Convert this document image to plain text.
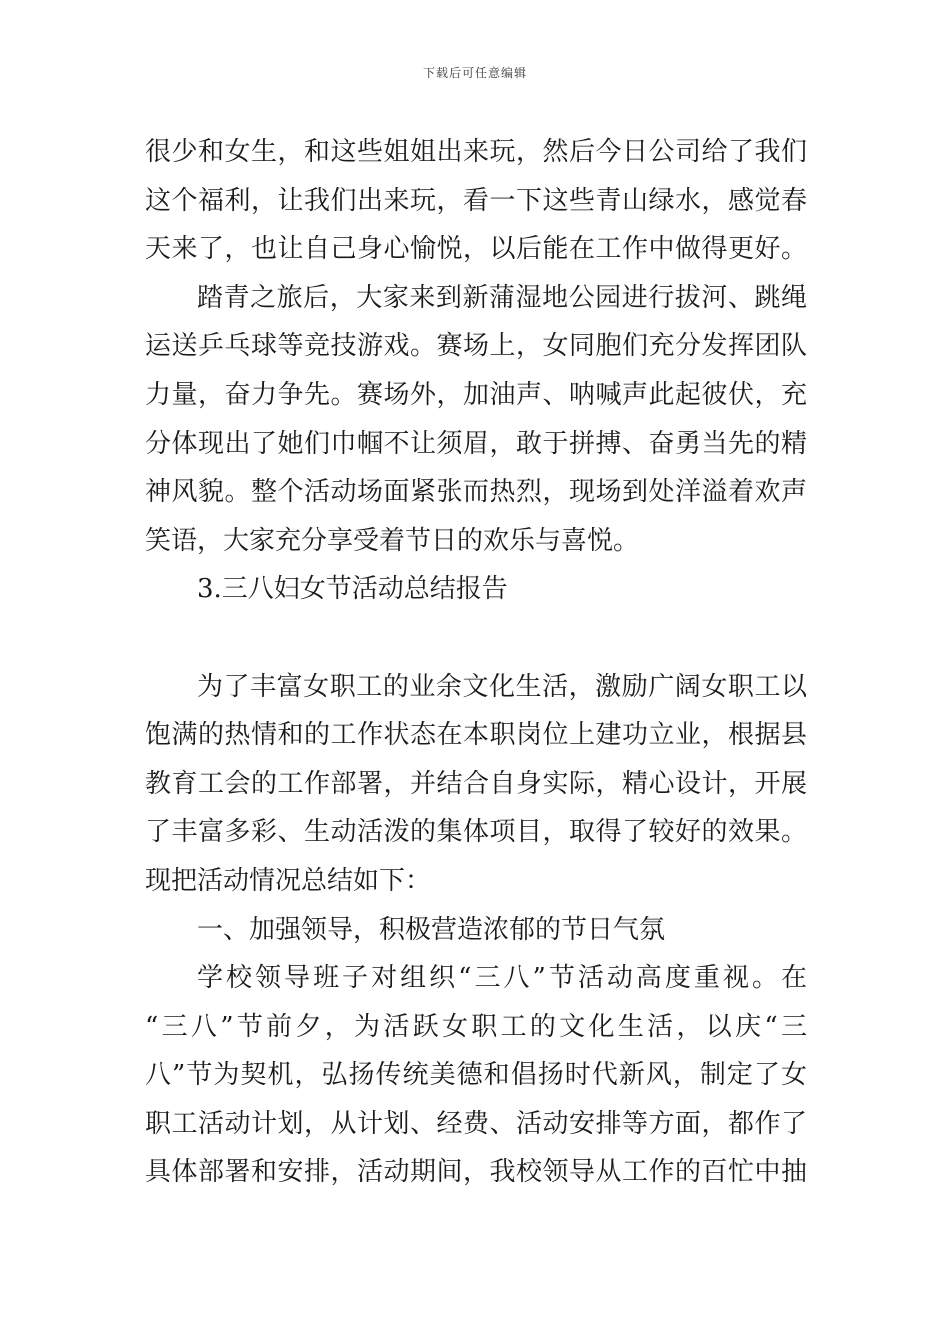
下载后可任意编辑
很少和女生，和这些姐姐出来玩，然后今日公司给了我们
这个福利，让我们出来玩，看一下这些青山绿水，感觉春
天来了，也让自己身心愉悦，以后能在工作中做得更好。
踏青之旅后，大家来到新蒲湿地公园进行拔河、跳绳
运送乒乓球等竞技游戏。赛场上，女同胞们充分发挥团队
力量，奋力争先。赛场外，加油声、呐喊声此起彼伏，充
分体现出了她们巾帼不让须眉，敢于拼搏、奋勇当先的精
神风貌。整个活动场面紧张而热烈，现场到处洋溢着欢声
笑语，大家充分享受着节日的欢乐与喜悦。
3.三八妇女节活动总结报告
为了丰富女职工的业余文化生活，激励广阔女职工以
饱满的热情和的工作状态在本职岗位上建功立业，根据县
教育工会的工作部署，并结合自身实际，精心设计，开展
了丰富多彩、生动活泼的集体项目，取得了较好的效果。
现把活动情况总结如下：
一、加强领导，积极营造浓郁的节日气氛
学校领导班子对组织“三八”节活动高度重视。在
“三八”节前夕，为活跃女职工的文化生活，以庆“三
八”节为契机，弘扬传统美德和倡扬时代新风，制定了女
职工活动计划，从计划、经费、活动安排等方面，都作了
具体部署和安排，活动期间，我校领导从工作的百忙中抽
